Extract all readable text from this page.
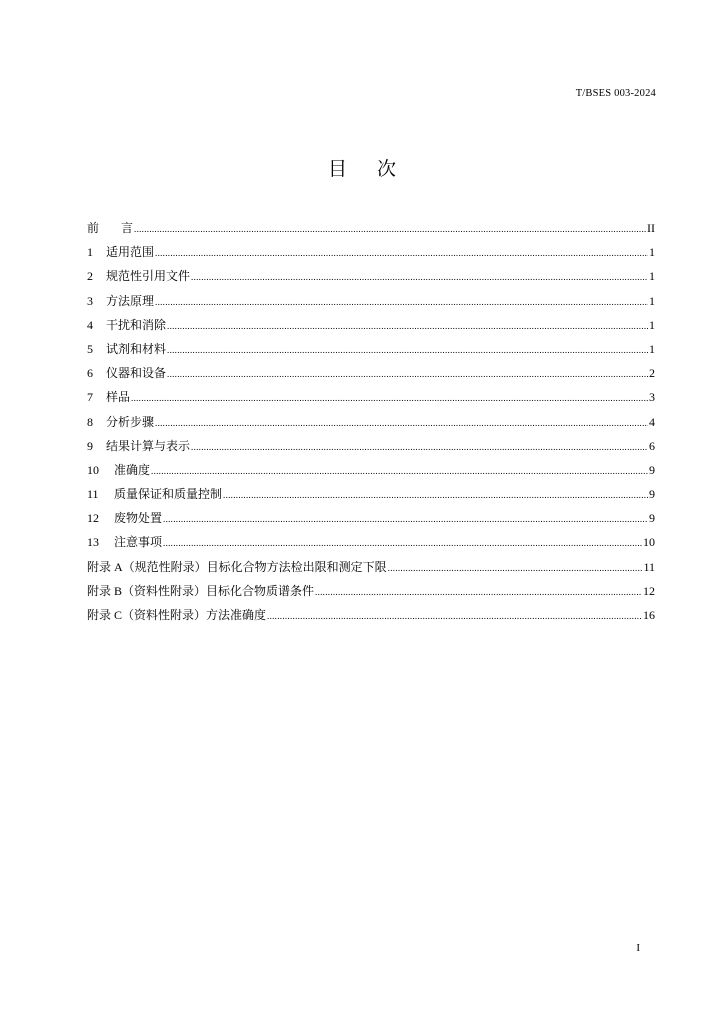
T/BSES 003-2024
目 次
前 言 .....	II
1 适用范围 .....	1
2 规范性引用文件 .....	1
3 方法原理 .....	1
4 干扰和消除 .....	1
5 试剂和材料 .....	1
6 仪器和设备 .....	2
7 样品 .....	3
8 分析步骤 .....	4
9 结果计算与表示 .....	6
10 准确度 .....	9
11 质量保证和质量控制 .....	9
12 废物处置 .....	9
13 注意事项 .....	10
附录 A（规范性附录）目标化合物方法检出限和测定下限 .....	11
附录 B（资料性附录）目标化合物质谱条件 .....	12
附录 C（资料性附录）方法准确度 .....	16
I
